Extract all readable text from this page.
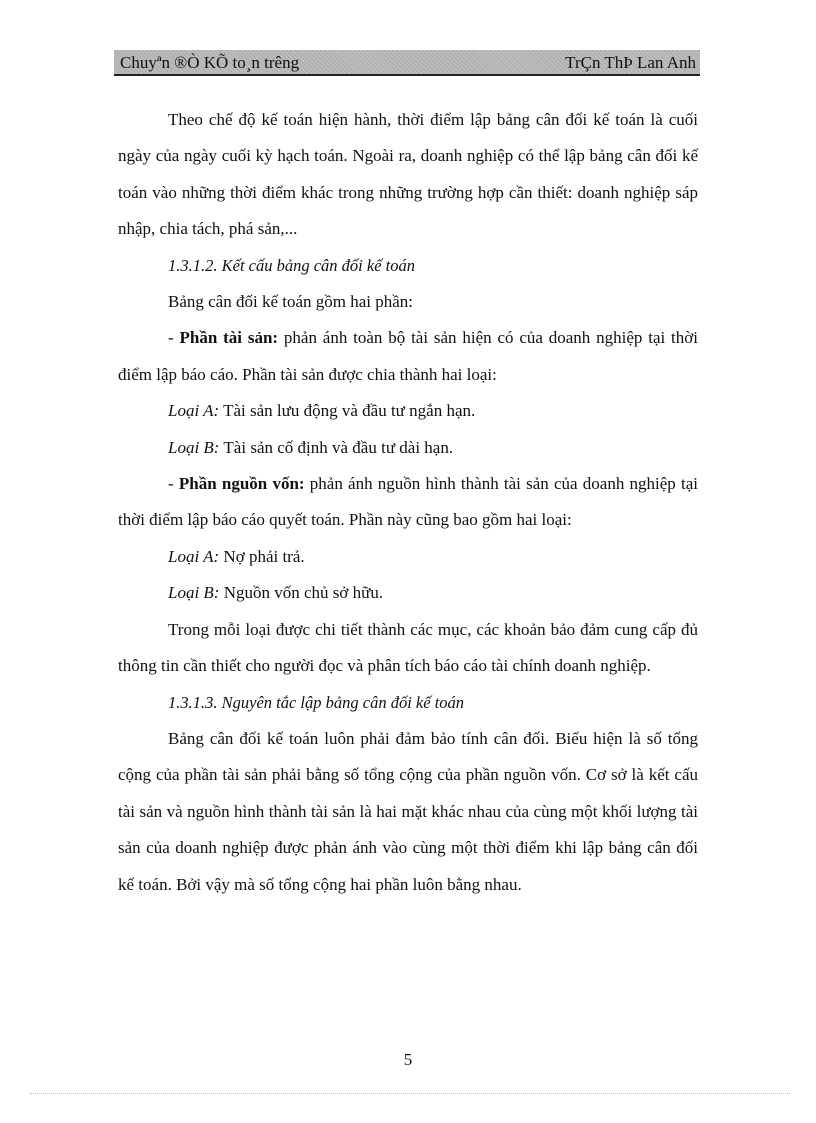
Chuyªn ®Ò KÕ to¸n trêng	TrÇn ThÞ Lan Anh

Theo chế độ kế toán hiện hành, thời điểm lập bảng cân đối kế toán là cuối ngày của ngày cuối kỳ hạch toán. Ngoài ra, doanh nghiệp có thể lập bảng cân đối kế toán vào những thời điểm khác trong những trường hợp cần thiết: doanh nghiệp sáp nhập, chia tách, phá sản,...

1.3.1.2. Kết cấu bảng cân đối kế toán

Bảng cân đối kế toán gồm hai phần:

- Phần tài sản: phản ánh toàn bộ tài sản hiện có của doanh nghiệp tại thời điểm lập báo cáo. Phần tài sản được chia thành hai loại:

Loại A: Tài sản lưu động và đầu tư ngắn hạn.

Loại B: Tài sản cố định và đầu tư dài hạn.

- Phần nguồn vốn: phản ánh nguồn hình thành tài sản của doanh nghiệp tại thời điểm lập báo cáo quyết toán. Phần này cũng bao gồm hai loại:

Loại A: Nợ phải trả.

Loại B: Nguồn vốn chủ sở hữu.

Trong mỗi loại được chi tiết thành các mục, các khoản bảo đảm cung cấp đủ thông tin cần thiết cho người đọc và phân tích báo cáo tài chính doanh nghiệp.

1.3.1.3. Nguyên tắc lập bảng cân đối kế toán

Bảng cân đối kế toán luôn phải đảm bảo tính cân đối. Biểu hiện là số tổng cộng của phần tài sản phải bằng số tổng cộng của phần nguồn vốn. Cơ sở là kết cấu tài sản và nguồn hình thành tài sản là hai mặt khác nhau của cùng một khối lượng tài sản của doanh nghiệp được phản ánh vào cùng một thời điểm khi lập bảng cân đối kế toán. Bởi vậy mà số tổng cộng hai phần luôn bằng nhau.

5
